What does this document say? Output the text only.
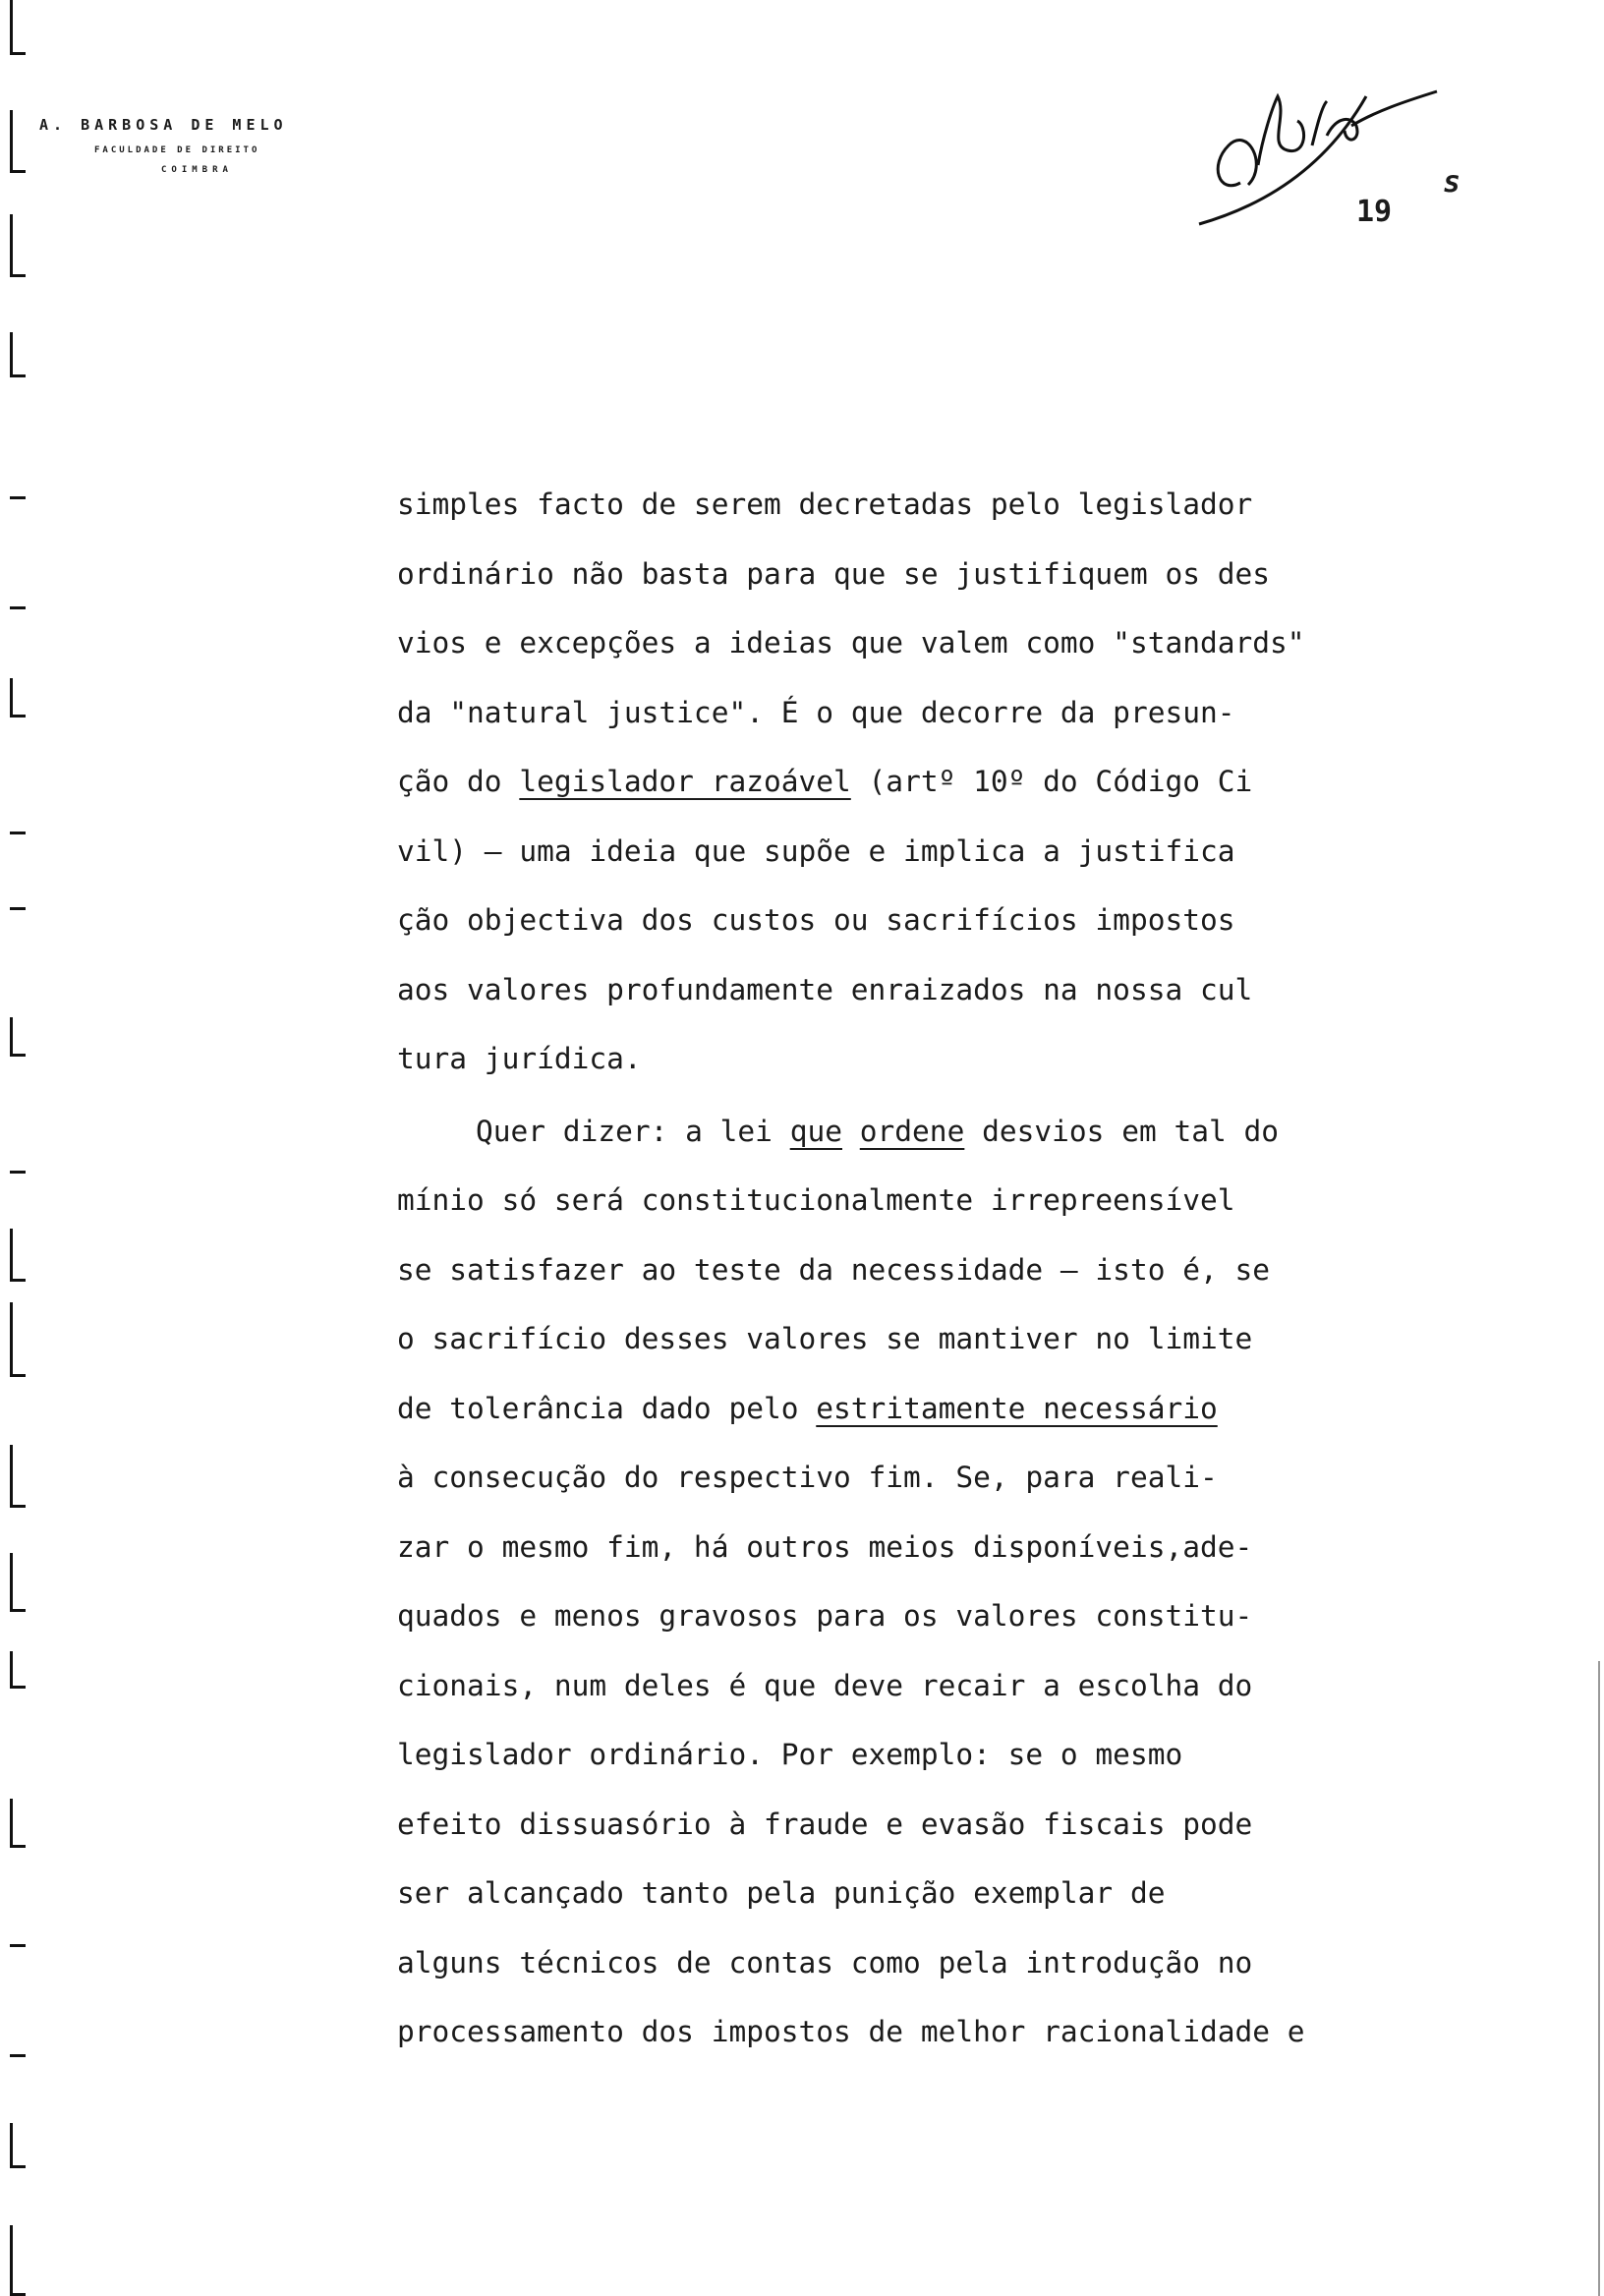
A. BARBOSA DE MELO
FACULDADE DE DIREITO
COIMBRA
19
s
simples facto de serem decretadas pelo legislador
ordinário não basta para que se justifiquem os des
vios e excepções a ideias que valem como "standards"
da "natural justice". É o que decorre da presun-
ção do legislador razoável (artº 10º do Código Ci
vil) — uma ideia que supõe e implica a justifica
ção objectiva dos custos ou sacrifícios impostos
aos valores profundamente enraizados na nossa cul
tura jurídica.
Quer dizer: a lei que ordene desvios em tal do
mínio só será constitucionalmente irrepreensível
se satisfazer ao teste da necessidade — isto é, se
o sacrifício desses valores se mantiver no limite
de tolerância dado pelo estritamente necessário
à consecução do respectivo fim. Se, para reali-
zar o mesmo fim, há outros meios disponíveis,ade-
quados e menos gravosos para os valores constitu-
cionais, num deles é que deve recair a escolha do
legislador ordinário. Por exemplo: se o mesmo
efeito dissuasório à fraude e evasão fiscais pode
ser alcançado tanto pela punição exemplar de
alguns técnicos de contas como pela introdução no
processamento dos impostos de melhor racionalidade e
